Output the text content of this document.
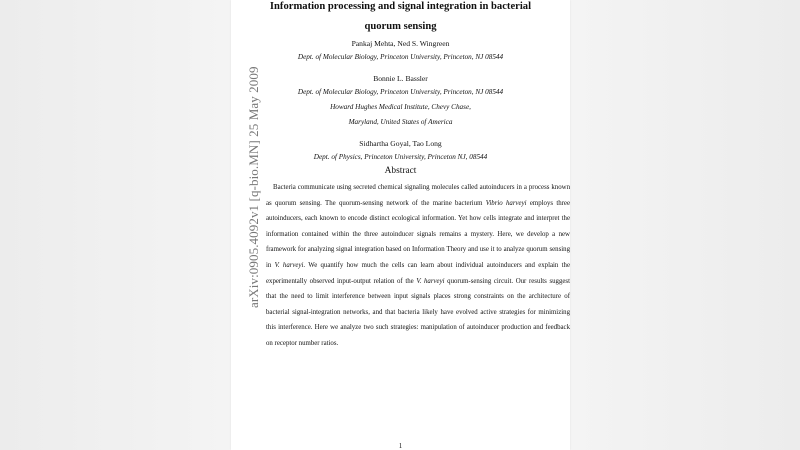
arXiv:0905.4092v1 [q-bio.MN] 25 May 2009
Information processing and signal integration in bacterial quorum sensing
Pankaj Mehta, Ned S. Wingreen
Dept. of Molecular Biology, Princeton University, Princeton, NJ 08544
Bonnie L. Bassler
Dept. of Molecular Biology, Princeton University, Princeton, NJ 08544
Howard Hughes Medical Institute, Chevy Chase,
Maryland, United States of America
Sidhartha Goyal, Tao Long
Dept. of Physics, Princeton University, Princeton NJ, 08544
Abstract

Bacteria communicate using secreted chemical signaling molecules called autoinducers in a process known as quorum sensing. The quorum-sensing network of the marine bacterium Vibrio harveyi employs three autoinducers, each known to encode distinct ecological information. Yet how cells integrate and interpret the information contained within the three autoinducer signals remains a mystery. Here, we develop a new framework for analyzing signal integration based on Information Theory and use it to analyze quorum sensing in V. harveyi. We quantify how much the cells can learn about individual autoinducers and explain the experimentally observed input-output relation of the V. harveyi quorum-sensing circuit. Our results suggest that the need to limit interference between input signals places strong constraints on the architecture of bacterial signal-integration networks, and that bacteria likely have evolved active strategies for minimizing this interference. Here we analyze two such strategies: manipulation of autoinducer production and feedback on receptor number ratios.

1
